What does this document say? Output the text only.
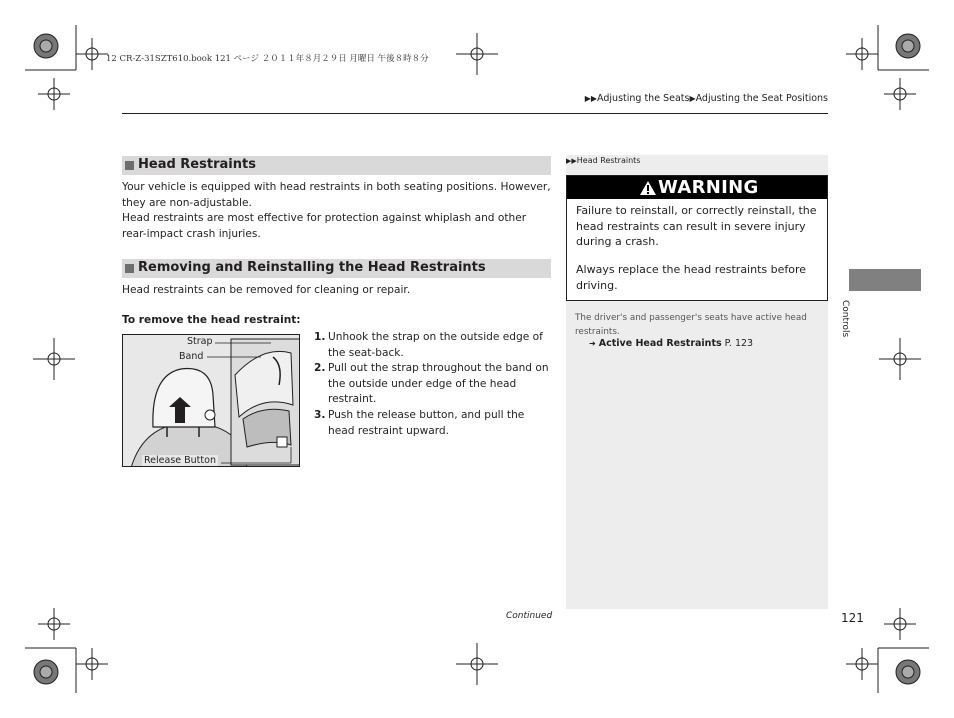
12 CR-Z-31SZT610.book 121 ページ ２０１１年８月２９日 月曜日 午後８時８分
▶▶Adjusting the Seats▶Adjusting the Seat Positions
Head Restraints
Your vehicle is equipped with head restraints in both seating positions. However, they are non-adjustable.
Head restraints are most effective for protection against whiplash and other rear-impact crash injuries.
Removing and Reinstalling the Head Restraints
Head restraints can be removed for cleaning or repair.
To remove the head restraint:
Strap
Band
Release Button
1. Unhook the strap on the outside edge of the seat-back.
2. Pull out the strap throughout the band on the outside under edge of the head restraint.
3. Push the release button, and pull the head restraint upward.
Continued
▶▶Head Restraints
WARNING
Failure to reinstall, or correctly reinstall, the head restraints can result in severe injury during a crash.
Always replace the head restraints before driving.
The driver's and passenger's seats have active head restraints.
➜ Active Head Restraints P. 123
Controls
121
